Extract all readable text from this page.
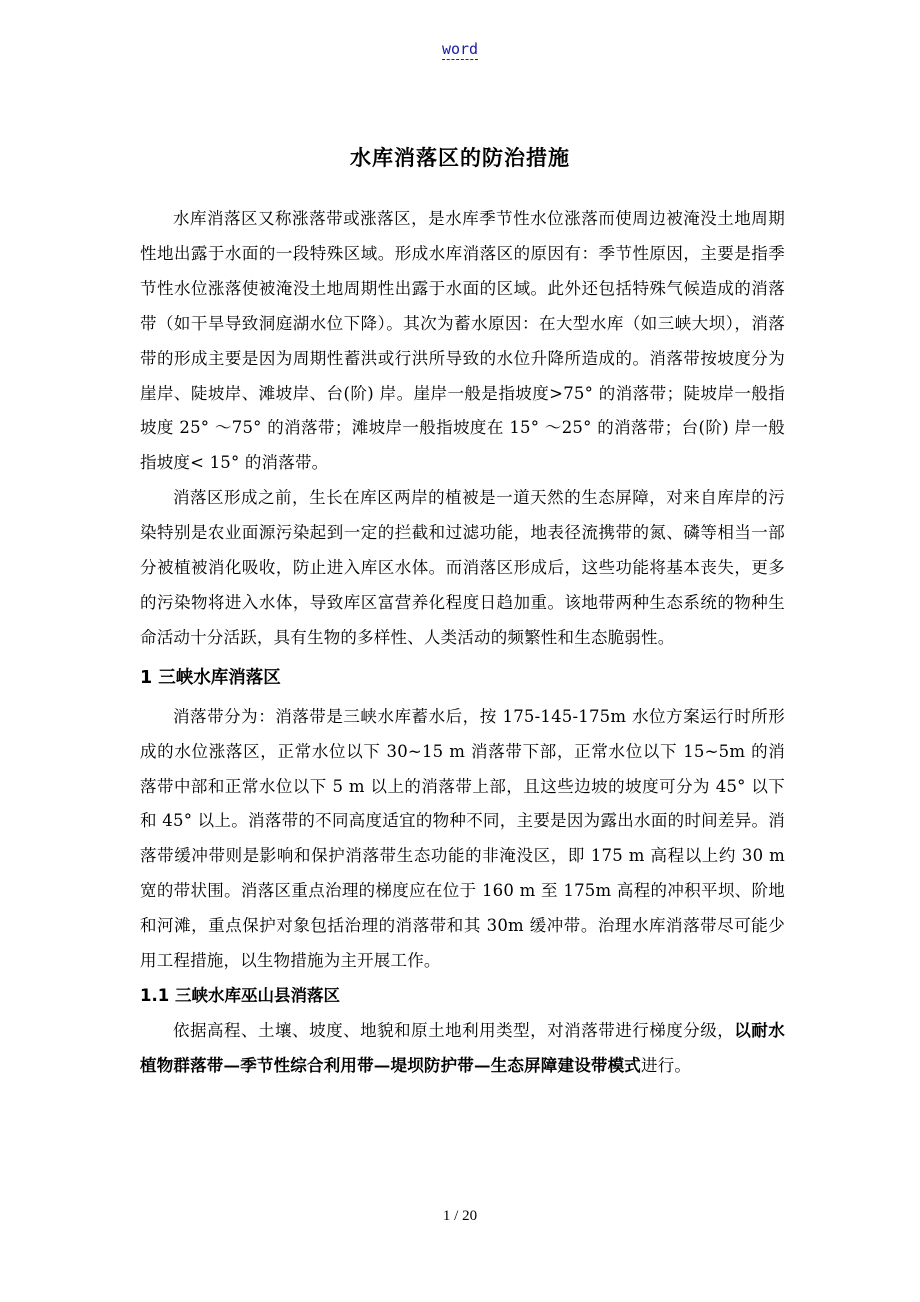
word
水库消落区的防治措施

水库消落区又称涨落带或涨落区，是水库季节性水位涨落而使周边被淹没土地周期性地出露于水面的一段特殊区域。形成水库消落区的原因有：季节性原因，主要是指季节性水位涨落使被淹没土地周期性出露于水面的区域。此外还包括特殊气候造成的消落带（如干旱导致洞庭湖水位下降）。其次为蓄水原因：在大型水库（如三峡大坝），消落带的形成主要是因为周期性蓄洪或行洪所导致的水位升降所造成的。消落带按坡度分为崖岸、陡坡岸、滩坡岸、台(阶) 岸。崖岸一般是指坡度>75° 的消落带；陡坡岸一般指坡度 25° ～75° 的消落带；滩坡岸一般指坡度在 15° ～25° 的消落带；台(阶) 岸一般指坡度< 15° 的消落带。

消落区形成之前，生长在库区两岸的植被是一道天然的生态屏障，对来自库岸的污染特别是农业面源污染起到一定的拦截和过滤功能，地表径流携带的氮、磷等相当一部分被植被消化吸收，防止进入库区水体。而消落区形成后，这些功能将基本丧失，更多的污染物将进入水体，导致库区富营养化程度日趋加重。该地带两种生态系统的物种生命活动十分活跃，具有生物的多样性、人类活动的频繁性和生态脆弱性。

1 三峡水库消落区

消落带分为：消落带是三峡水库蓄水后，按 175-145-175m 水位方案运行时所形成的水位涨落区，正常水位以下 30~15 m 消落带下部，正常水位以下 15~5m 的消落带中部和正常水位以下 5 m 以上的消落带上部，且这些边坡的坡度可分为 45° 以下和 45° 以上。消落带的不同高度适宜的物种不同，主要是因为露出水面的时间差异。消落带缓冲带则是影响和保护消落带生态功能的非淹没区，即 175 m 高程以上约 30 m 宽的带状围。消落区重点治理的梯度应在位于 160 m 至 175m 高程的冲积平坝、阶地和河滩，重点保护对象包括治理的消落带和其 30m 缓冲带。治理水库消落带尽可能少用工程措施，以生物措施为主开展工作。

1.1 三峡水库巫山县消落区

依据高程、土壤、坡度、地貌和原土地利用类型，对消落带进行梯度分级，以耐水植物群落带—季节性综合利用带—堤坝防护带—生态屏障建设带模式进行。

1 / 20
